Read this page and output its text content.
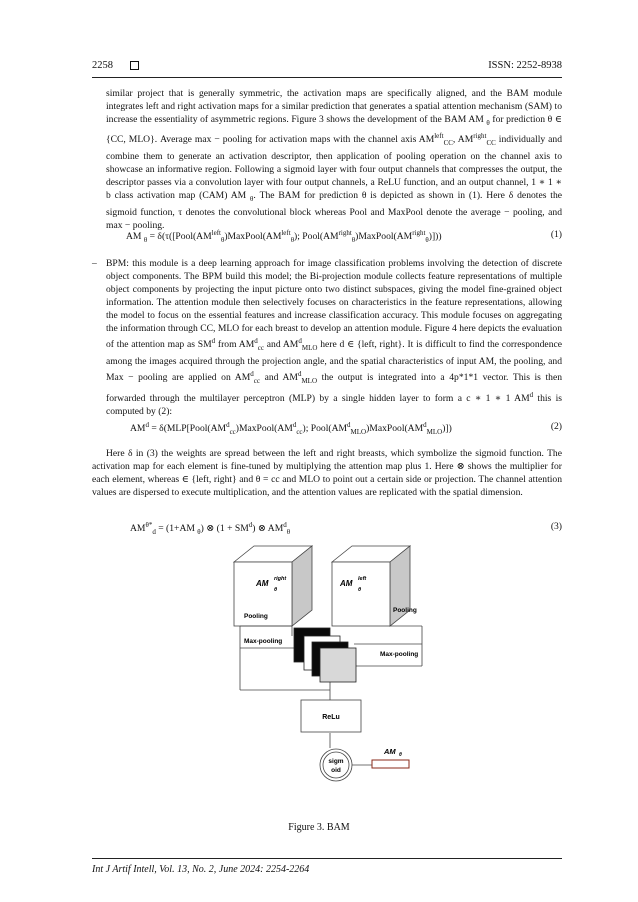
2258	ISSN: 2252-8938
similar project that is generally symmetric, the activation maps are specifically aligned, and the BAM module integrates left and right activation maps for a similar prediction that generates a spatial attention mechanism (SAM) to increase the essentiality of asymmetric regions. Figure 3 shows the development of the BAM AM $_\theta$ for prediction θ ∈ {CC, MLO}. Average max − pooling for activation maps with the channel axis $AM^{left}_{CC}$, $AM^{right}_{CC}$ individually and combine them to generate an activation descriptor, then application of pooling operation on the channel axis to showcase an informative region. Following a sigmoid layer with four output channels that compresses the output, the descriptor passes via a convolution layer with four output channels, a ReLU function, and an output channel, 1 ∗ 1 ∗ b class activation map (CAM) AM $_\theta$. The BAM for prediction θ is depicted as shown in (1). Here δ denotes the sigmoid function, τ denotes the convolutional block whereas Pool and MaxPool denote the average − pooling, and max − pooling.
AM $_\theta = \delta(\tau([Pool(AM^{left}_\theta)MaxPool(AM^{left}_\theta)$; $Pool(AM^{right}_\theta)MaxPool(AM^{right}_\theta)$]))	(1)
– BPM: this module is a deep learning approach for image classification problems involving the detection of discrete object components. The BPM build this model; the Bi-projection module collects feature representations of multiple object components by projecting the input picture onto two distinct subspaces, giving the model fine-grained object information. The attention module then selectively focuses on characteristics in the feature representations, allowing the model to focus on the essential features and increase classification accuracy. This module focuses on aggregating the information through CC, MLO for each breast to develop an attention module. Figure 4 here depicts the evaluation of the attention map as $SM^d$ from $AM^d_{cc}$ and $AM^d_{MLO}$ here d ∈ {left, right}. It is difficult to find the correspondence among the images acquired through the projection angle, and the spatial characteristics of input AM, the pooling, and Max − pooling are applied on $AM^d_{cc}$ and $AM^d_{MLO}$ the output is integrated into a 4p*1*1 vector. This is then forwarded through the multilayer perceptron (MLP) by a single hidden layer to form a c ∗ 1 ∗ 1 $AM^d$ this is computed by (2):
$AM^d$ = $\delta(MLP[Pool(AM^d_{cc})MaxPool(AM^d_{cc})$; $Pool(AM^d_{MLO})MaxPool(AM^d_{MLO})$])	(2)
Here δ in (3) the weights are spread between the left and right breasts, which symbolize the sigmoid function. The activation map for each element is fine-tuned by multiplying the attention map plus 1. Here ⊗ shows the multiplier for each element, whereas ∈ {left, right} and θ = cc and MLO to point out a certain side or projection. The channel attention values are dispersed to execute multiplication, and the attention values are replicated with the spatial dimension.
$AM^{\theta*}_d = (1+AM$ $_\theta$) ⊗ $(1 + SM^d)$ ⊗ $AM^d_\theta$
(3)
AM right
θ
AM left
θ
Pooling
Max-pooling
Pooling
Max-pooling
ReLu
sigm
oid
AM θ
Figure 3. BAM
Int J Artif Intell, Vol. 13, No. 2, June 2024: 2254-2264
